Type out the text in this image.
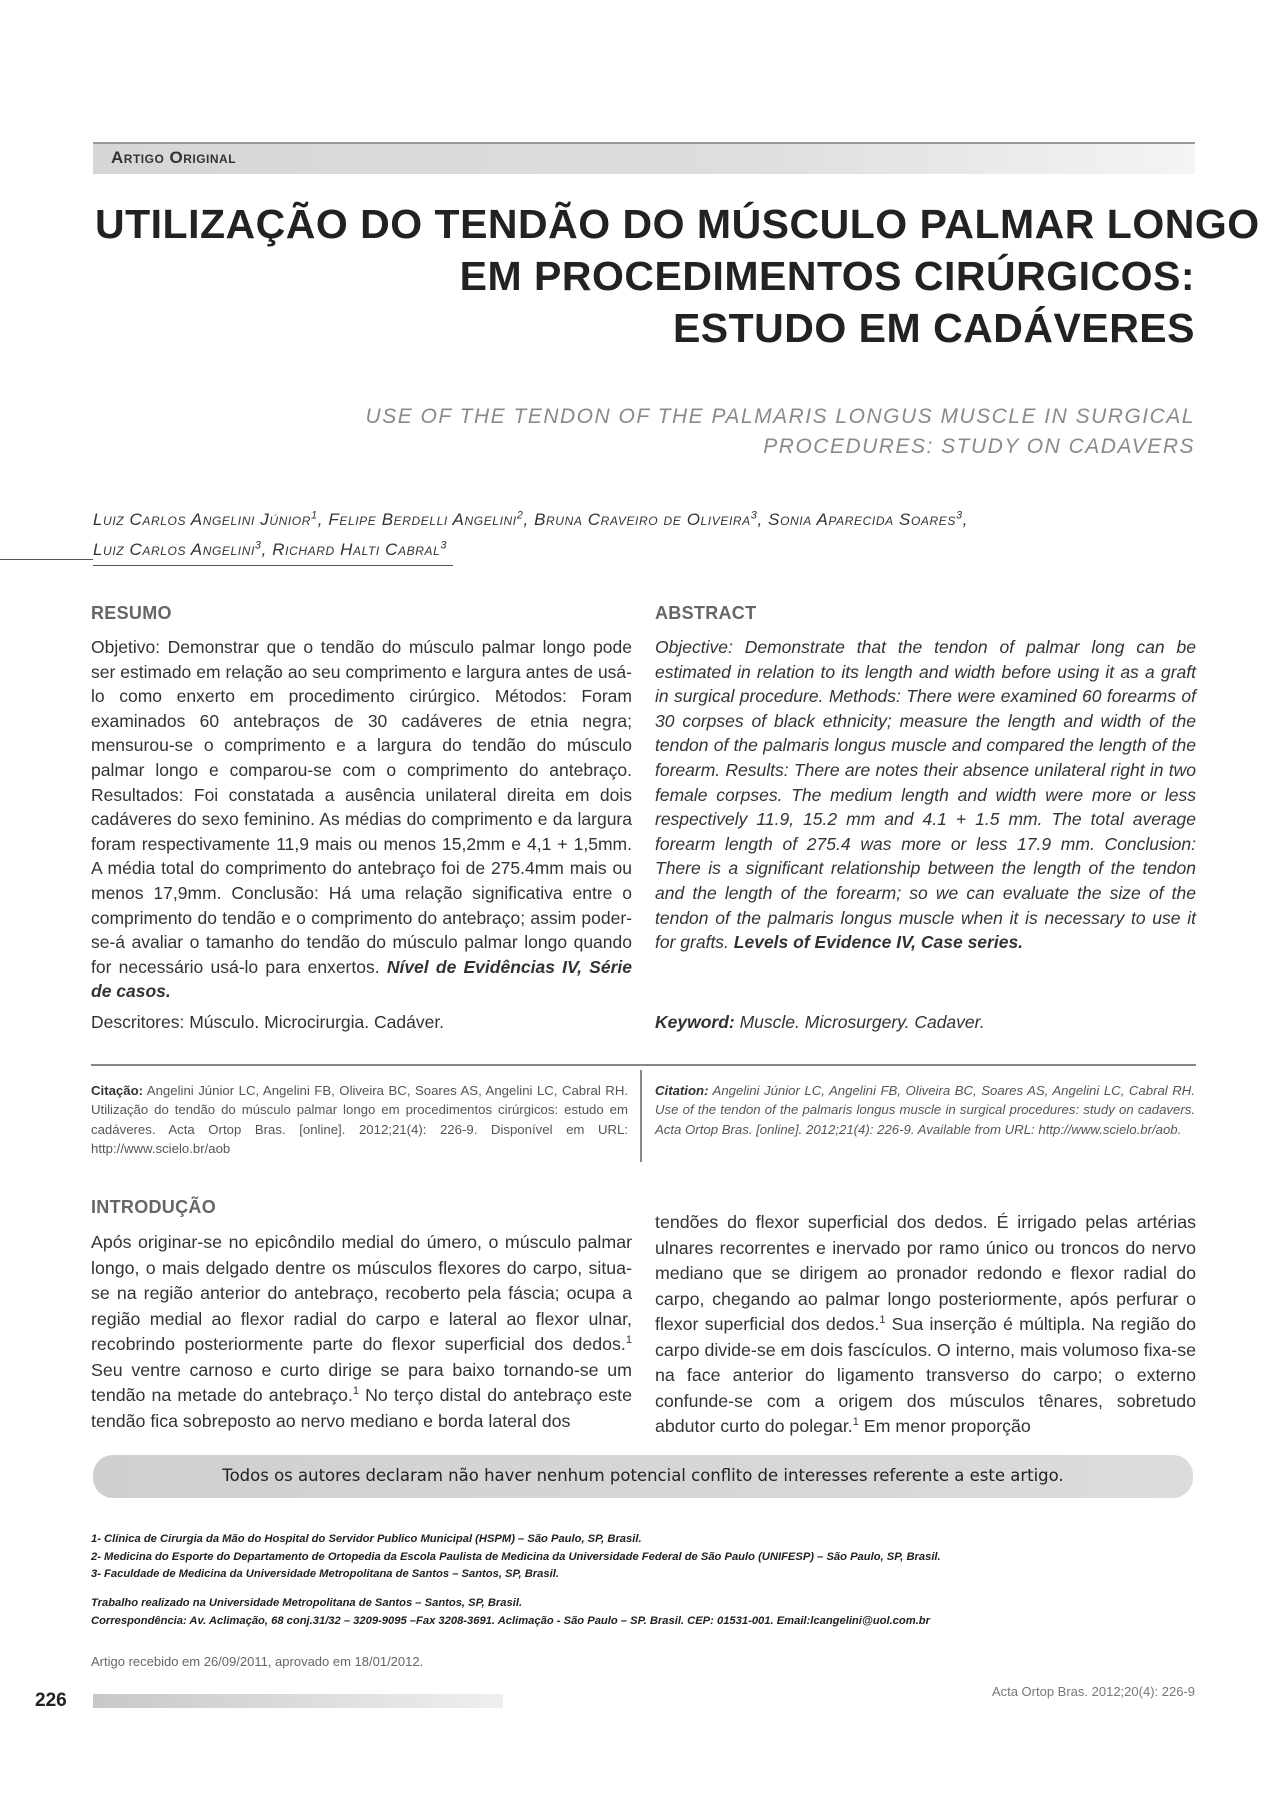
Artigo Original
UTILIZAÇÃO DO TENDÃO DO MÚSCULO PALMAR LONGO
EM PROCEDIMENTOS CIRÚRGICOS:
ESTUDO EM CADÁVERES
USE OF THE TENDON OF THE PALMARIS LONGUS MUSCLE IN SURGICAL
PROCEDURES: STUDY ON CADAVERS
Luiz Carlos Angelini Júnior$^1$, Felipe Berdelli Angelini$^2$, Bruna Craveiro de Oliveira$^3$, Sonia Aparecida Soares$^3$,
Luiz Carlos Angelini$^3$, Richard Halti Cabral$^3$
RESUMO
Objetivo: Demonstrar que o tendão do músculo palmar longo pode ser estimado em relação ao seu comprimento e largura antes de usá-lo como enxerto em procedimento cirúrgico. Métodos: Foram examinados 60 antebraços de 30 cadáveres de etnia negra; mensurou-se o comprimento e a largura do tendão do músculo palmar longo e comparou-se com o comprimento do antebraço. Resultados: Foi constatada a ausência unilateral direita em dois cadáveres do sexo feminino. As médias do comprimento e da largura foram respectivamente 11,9 mais ou menos 15,2mm e 4,1 + 1,5mm. A média total do comprimento do antebraço foi de 275.4mm mais ou menos 17,9mm. Conclusão: Há uma relação significativa entre o comprimento do tendão e o comprimento do antebraço; assim poder-se-á avaliar o tamanho do tendão do músculo palmar longo quando for necessário usá-lo para enxertos. Nível de Evidências IV, Série de casos.
Descritores: Músculo. Microcirurgia. Cadáver.
ABSTRACT
Objective: Demonstrate that the tendon of palmar long can be estimated in relation to its length and width before using it as a graft in surgical procedure. Methods: There were examined 60 forearms of 30 corpses of black ethnicity; measure the length and width of the tendon of the palmaris longus muscle and compared the length of the forearm. Results: There are notes their absence unilateral right in two female corpses. The medium length and width were more or less respectively 11.9, 15.2 mm and 4.1 + 1.5 mm. The total average forearm length of 275.4 was more or less 17.9 mm. Conclusion: There is a significant relationship between the length of the tendon and the length of the forearm; so we can evaluate the size of the tendon of the palmaris longus muscle when it is necessary to use it for grafts. Levels of Evidence IV, Case series.
Keyword: Muscle. Microsurgery. Cadaver.
Citação: Angelini Júnior LC, Angelini FB, Oliveira BC, Soares AS, Angelini LC, Cabral RH. Utilização do tendão do músculo palmar longo em procedimentos cirúrgicos: estudo em cadáveres. Acta Ortop Bras. [online]. 2012;21(4): 226-9. Disponível em URL: http://www.scielo.br/aob
Citation: Angelini Júnior LC, Angelini FB, Oliveira BC, Soares AS, Angelini LC, Cabral RH. Use of the tendon of the palmaris longus muscle in surgical procedures: study on cadavers. Acta Ortop Bras. [online]. 2012;21(4): 226-9. Available from URL: http://www.scielo.br/aob.
INTRODUÇÃO
Após originar-se no epicôndilo medial do úmero, o músculo palmar longo, o mais delgado dentre os músculos flexores do carpo, situa-se na região anterior do antebraço, recoberto pela fáscia; ocupa a região medial ao flexor radial do carpo e lateral ao flexor ulnar, recobrindo posteriormente parte do flexor superficial dos dedos.$^1$ Seu ventre carnoso e curto dirige se para baixo tornando-se um tendão na metade do antebraço.$^1$ No terço distal do antebraço este tendão fica sobreposto ao nervo mediano e borda lateral dos
tendões do flexor superficial dos dedos. É irrigado pelas artérias ulnares recorrentes e inervado por ramo único ou troncos do nervo mediano que se dirigem ao pronador redondo e flexor radial do carpo, chegando ao palmar longo posteriormente, após perfurar o flexor superficial dos dedos.$^1$ Sua inserção é múltipla. Na região do carpo divide-se em dois fascículos. O interno, mais volumoso fixa-se na face anterior do ligamento transverso do carpo; o externo confunde-se com a origem dos músculos tênares, sobretudo abdutor curto do polegar.$^1$ Em menor proporção
Todos os autores declaram não haver nenhum potencial conflito de interesses referente a este artigo.
1- Clínica de Cirurgia da Mão do Hospital do Servidor Publico Municipal (HSPM) – São Paulo, SP, Brasil.
2- Medicina do Esporte do Departamento de Ortopedia da Escola Paulista de Medicina da Universidade Federal de São Paulo (UNIFESP) – São Paulo, SP, Brasil.
3- Faculdade de Medicina da Universidade Metropolitana de Santos – Santos, SP, Brasil.
Trabalho realizado na Universidade Metropolitana de Santos – Santos, SP, Brasil.
Correspondência: Av. Aclimação, 68 conj.31/32 – 3209-9095 –Fax 3208-3691. Aclimação - São Paulo – SP. Brasil. CEP: 01531-001. Email:lcangelini@uol.com.br
Artigo recebido em 26/09/2011, aprovado em 18/01/2012.
226	Acta Ortop Bras. 2012;20(4): 226-9
